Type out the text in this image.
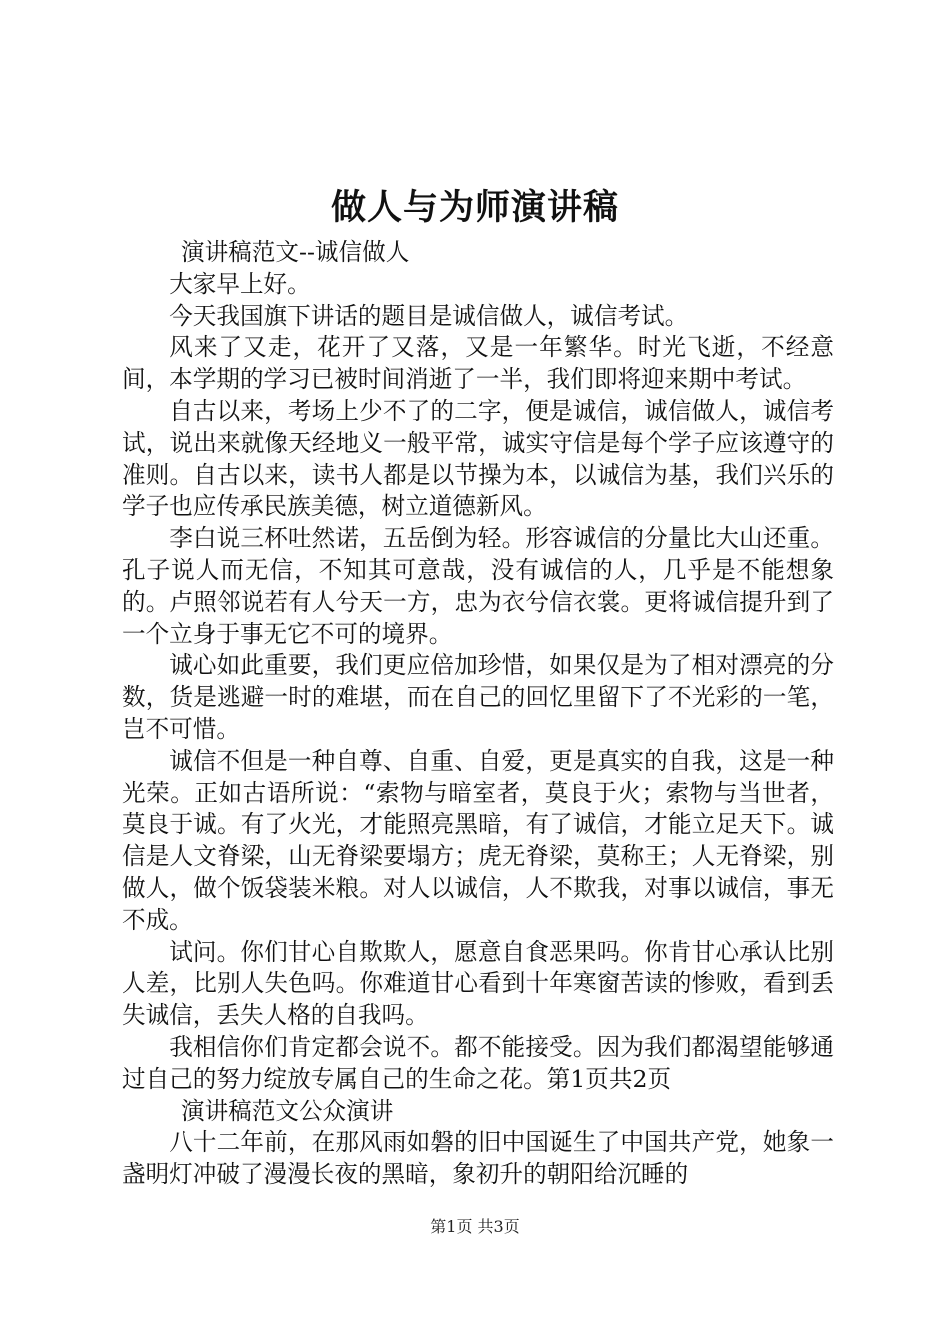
做人与为师演讲稿

演讲稿范文--诚信做人

大家早上好。

今天我国旗下讲话的题目是诚信做人，诚信考试。

风来了又走，花开了又落，又是一年繁华。时光飞逝，不经意间，本学期的学习已被时间消逝了一半，我们即将迎来期中考试。

自古以来，考场上少不了的二字，便是诚信，诚信做人，诚信考试，说出来就像天经地义一般平常，诚实守信是每个学子应该遵守的准则。自古以来，读书人都是以节操为本，以诚信为基，我们兴乐的学子也应传承民族美德，树立道德新风。

李白说三杯吐然诺，五岳倒为轻。形容诚信的分量比大山还重。孔子说人而无信，不知其可意哉，没有诚信的人，几乎是不能想象的。卢照邻说若有人兮天一方，忠为衣兮信衣裳。更将诚信提升到了一个立身于事无它不可的境界。

诚心如此重要，我们更应倍加珍惜，如果仅是为了相对漂亮的分数，货是逃避一时的难堪，而在自己的回忆里留下了不光彩的一笔，岂不可惜。

诚信不但是一种自尊、自重、自爱，更是真实的自我，这是一种光荣。正如古语所说：“索物与暗室者，莫良于火；索物与当世者，莫良于诚。有了火光，才能照亮黑暗，有了诚信，才能立足天下。诚信是人文脊梁，山无脊梁要塌方；虎无脊梁，莫称王；人无脊梁，别做人，做个饭袋装米粮。对人以诚信，人不欺我，对事以诚信，事无不成。

试问。你们甘心自欺欺人，愿意自食恶果吗。你肯甘心承认比别人差，比别人失色吗。你难道甘心看到十年寒窗苦读的惨败，看到丢失诚信，丢失人格的自我吗。

我相信你们肯定都会说不。都不能接受。因为我们都渴望能够通过自己的努力绽放专属自己的生命之花。第1页共2页

演讲稿范文公众演讲

八十二年前，在那风雨如磐的旧中国诞生了中国共产党，她象一盏明灯冲破了漫漫长夜的黑暗，象初升的朝阳给沉睡的

第1页 共3页
